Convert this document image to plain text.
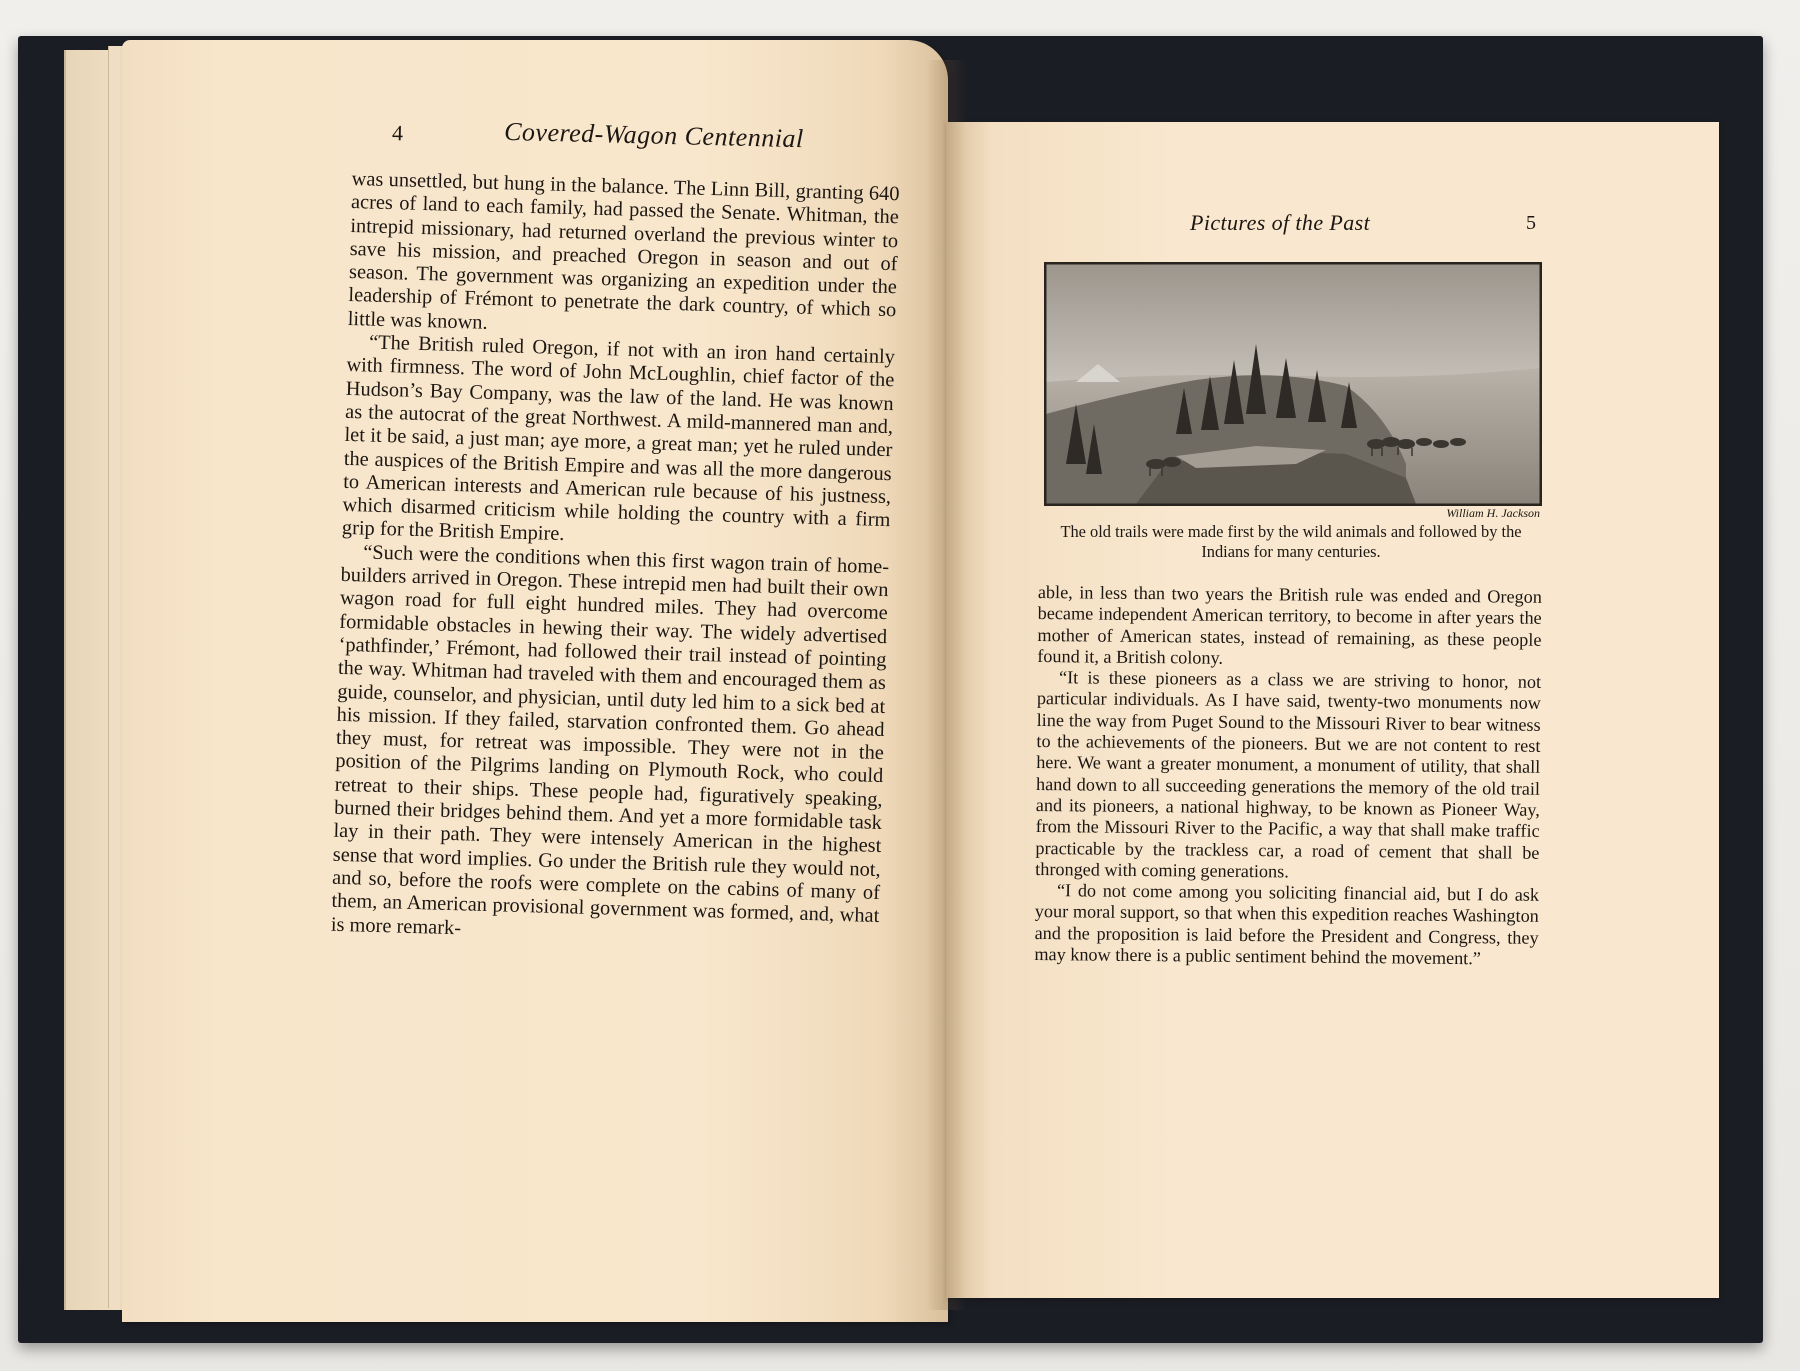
4	Covered-Wagon Centennial

was unsettled, but hung in the balance. The Linn Bill, granting 640 acres of land to each family, had passed the Senate. Whitman, the intrepid missionary, had returned overland the previous winter to save his mission, and preached Oregon in season and out of season. The government was organizing an expedition under the leadership of Frémont to penetrate the dark country, of which so little was known.

“The British ruled Oregon, if not with an iron hand certainly with firmness. The word of John McLoughlin, chief factor of the Hudson’s Bay Company, was the law of the land. He was known as the autocrat of the great Northwest. A mild-mannered man and, let it be said, a just man; aye more, a great man; yet he ruled under the auspices of the British Empire and was all the more dangerous to American interests and American rule because of his justness, which disarmed criticism while holding the country with a firm grip for the British Empire.

“Such were the conditions when this first wagon train of home-builders arrived in Oregon. These intrepid men had built their own wagon road for full eight hundred miles. They had overcome formidable obstacles in hewing their way. The widely advertised ‘pathfinder,’ Frémont, had followed their trail instead of pointing the way. Whitman had traveled with them and encouraged them as guide, counselor, and physician, until duty led him to a sick bed at his mission. If they failed, starvation confronted them. Go ahead they must, for retreat was impossible. They were not in the position of the Pilgrims landing on Plymouth Rock, who could retreat to their ships. These people had, figuratively speaking, burned their bridges behind them. And yet a more formidable task lay in their path. They were intensely American in the highest sense that word implies. Go under the British rule they would not, and so, before the roofs were complete on the cabins of many of them, an American provisional government was formed, and, what is more remark-

Pictures of the Past	5
William H. Jackson
The old trails were made first by the wild animals and followed by the Indians for many centuries.

able, in less than two years the British rule was ended and Oregon became independent American territory, to become in after years the mother of American states, instead of remaining, as these people found it, a British colony.

“It is these pioneers as a class we are striving to honor, not particular individuals. As I have said, twenty-two monuments now line the way from Puget Sound to the Missouri River to bear witness to the achievements of the pioneers. But we are not content to rest here. We want a greater monument, a monument of utility, that shall hand down to all succeeding generations the memory of the old trail and its pioneers, a national highway, to be known as Pioneer Way, from the Missouri River to the Pacific, a way that shall make traffic practicable by the trackless car, a road of cement that shall be thronged with coming generations.

“I do not come among you soliciting financial aid, but I do ask your moral support, so that when this expedition reaches Washington and the proposition is laid before the President and Congress, they may know there is a public sentiment behind the movement.”
